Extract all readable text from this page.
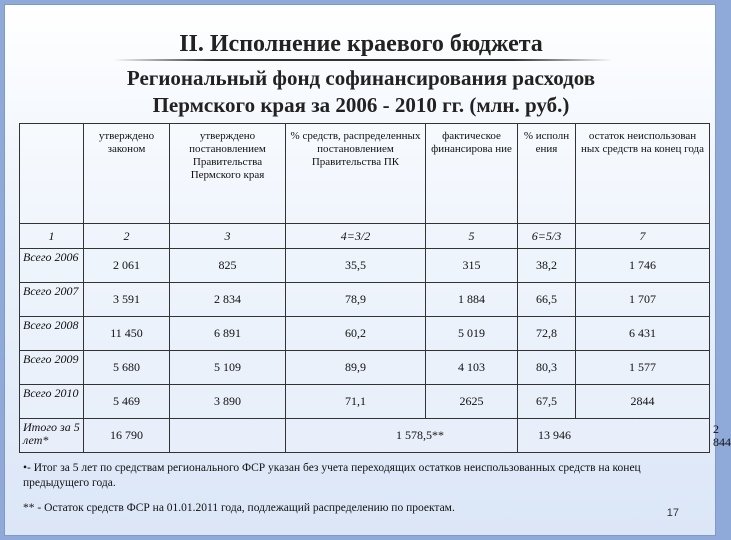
II. Исполнение краевого бюджета
Региональный фонд софинансирования расходов
Пермского края за 2006 - 2010 гг. (млн. руб.)
	утверждено законом	утверждено постановлением Правительства Пермского края	% средств, распределенных постановлением Правительства ПК	фактическое финансирова ние	% исполн ения	остаток неиспользован ных средств на конец года	
1	2	3	4=3/2	5	6=5/3	7	
Всего 2006	2 061	825	35,5	315	38,2	1 746	
Всего 2007	3 591	2 834	78,9	1 884	66,5	1 707	
Всего 2008	11 450	6 891	60,2	5 019	72,8	6 431	
Всего 2009	5 680	5 109	89,9	4 103	80,3	1 577	
Всего 2010	5 469	3 890	71,1	2625	67,5	2844	
Итого за 5 лет*	16 790		1 578,5**		13 946		2 844
•- Итог за 5 лет по средствам регионального ФСР указан без учета переходящих остатков неиспользованных средств на конец предыдущего года.
** - Остаток средств ФСР на 01.01.2011 года, подлежащий распределению по проектам.	17
